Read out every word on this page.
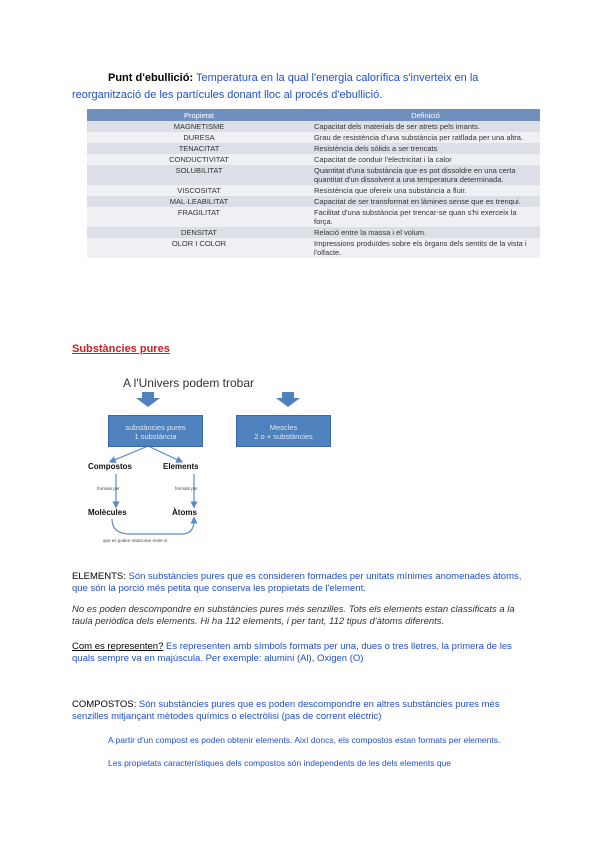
Punt d'ebullició: Temperatura en la qual l'energia calorífica s'inverteix en la reorganització de les partícules donant lloc al procés d'ebullició.
Propietat	Definició
MAGNETISME	Capacitat dels materials de ser atrets pels imants.
DURESA	Grau de resistència d'una substància per ratllada per una altra.
TENACITAT	Resistència dels sòlids a ser trencats
CONDUCTIVITAT	Capacitat de conduir l'electricitat i la calor
SOLUBILITAT	Quantitat d'una substància que es pot dissoldre en una certa quantitat d'un dissolvent a una temperatura determinada.
VISCOSITAT	Resistència que ofereix una substància a fluir.
MAL·LEABILITAT	Capacitat de ser transformat en làmines sense que es trenqui.
FRAGILITAT	Facilitat d'una substància per trencar-se quan s'hi exerceix la força.
DENSITAT	Relació entre la massa i el volum.
OLOR I COLOR	Impressions produïdes sobre els òrgans dels sentits de la vista i l'olfacte.
Substàncies pures
A l'Univers podem trobar
substàncies pures
1 substància
Mescles
2 o + substàncies
Compostos	Elements
formats per	formats per
Molècules	Àtoms
que es poden relacionar entre sí

ELEMENTS: Són substàncies pures que es consideren formades per unitats mínimes anomenades àtoms, que són la porció més petita que conserva les propietats de l'element.

No es poden descompondre en substàncies pures més senzilles. Tots els elements estan classificats a la taula periòdica dels elements. Hi ha 112 elements, i per tant, 112 tipus d'àtoms diferents.

Com es representen? Es representen amb símbols formats per una, dues o tres lletres, la primera de les quals sempre va en majúscula. Per exemple: alumini (Al), Oxigen (O)

COMPOSTOS: Són substàncies pures que es poden descompondre en altres substàncies pures més senzilles mitjançant mètodes químics o electròlisi (pas de corrent elèctric)

A partir d'un compost es poden obtenir elements. Així doncs, els compostos estan formats per elements.

Les propietats característiques dels compostos són independents de les dels elements que
